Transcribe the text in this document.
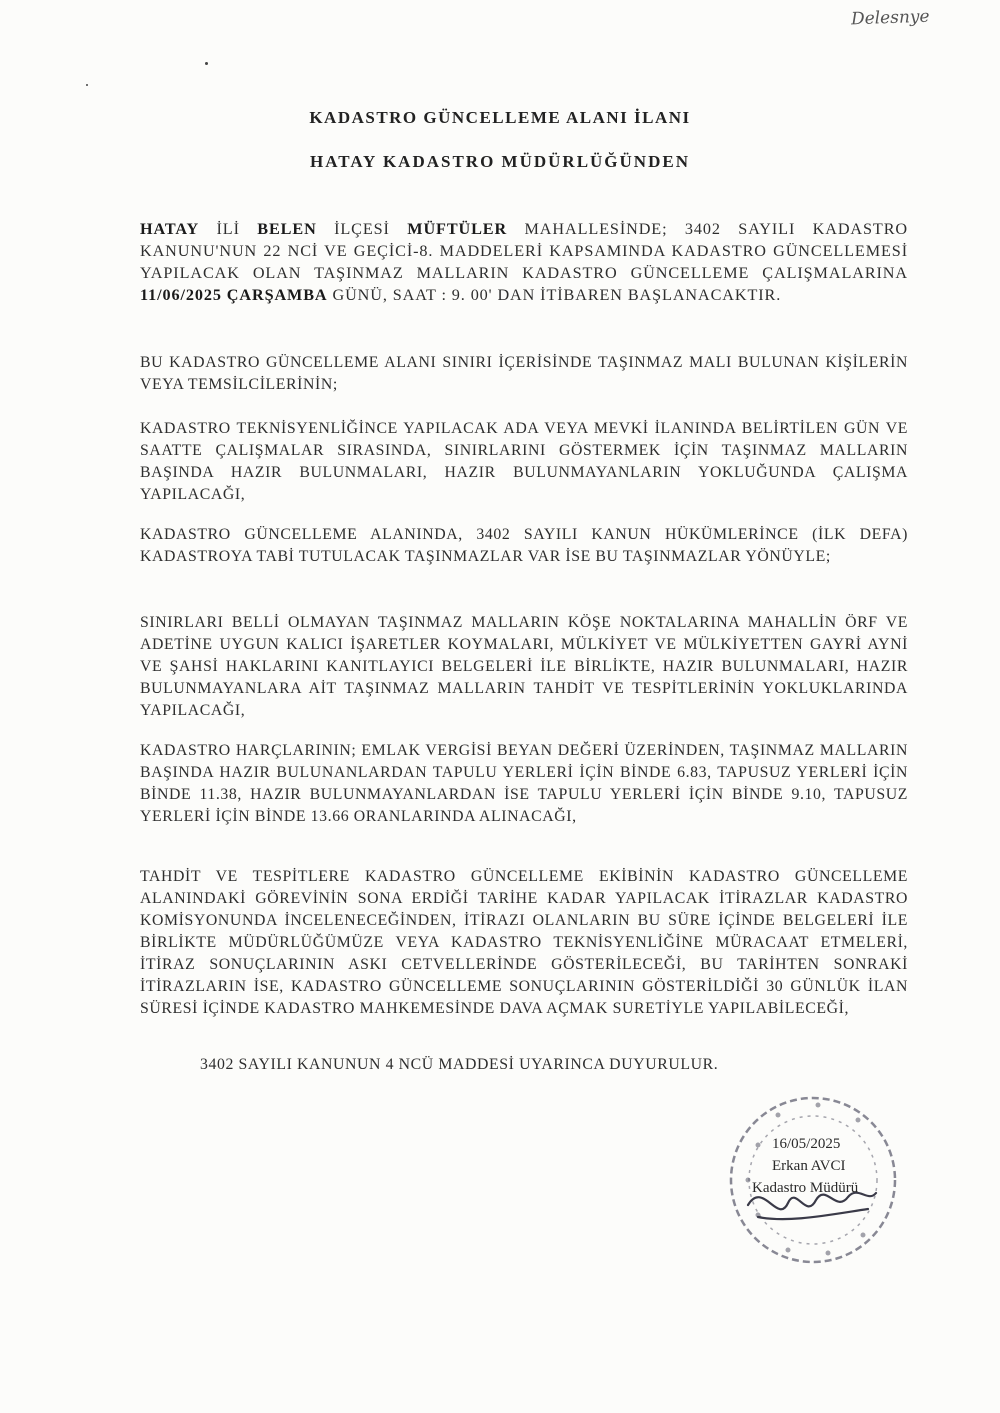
Delesnye
KADASTRO GÜNCELLEME ALANI İLANI
HATAY KADASTRO MÜDÜRLÜĞÜNDEN
HATAY İLİ BELEN İLÇESİ MÜFTÜLER MAHALLESİNDE; 3402 SAYILI KADASTRO KANUNU'NUN 22 NCİ VE GEÇİCİ-8. MADDELERİ KAPSAMINDA KADASTRO GÜNCELLEMESİ YAPILACAK OLAN TAŞINMAZ MALLARIN KADASTRO GÜNCELLEME ÇALIŞMALARINA 11/06/2025 ÇARŞAMBA GÜNÜ, SAAT : 9. 00' DAN İTİBAREN BAŞLANACAKTIR.
BU KADASTRO GÜNCELLEME ALANI SINIRI İÇERİSİNDE TAŞINMAZ MALI BULUNAN KİŞİLERİN VEYA TEMSİLCİLERİNİN;
KADASTRO TEKNİSYENLİĞİNCE YAPILACAK ADA VEYA MEVKİ İLANINDA BELİRTİLEN GÜN VE SAATTE ÇALIŞMALAR SIRASINDA, SINIRLARINI GÖSTERMEK İÇİN TAŞINMAZ MALLARIN BAŞINDA HAZIR BULUNMALARI, HAZIR BULUNMAYANLARIN YOKLUĞUNDA ÇALIŞMA YAPILACAĞI,
KADASTRO GÜNCELLEME ALANINDA, 3402 SAYILI KANUN HÜKÜMLERİNCE (İLK DEFA) KADASTROYA TABİ TUTULACAK TAŞINMAZLAR VAR İSE BU TAŞINMAZLAR YÖNÜYLE;
SINIRLARI BELLİ OLMAYAN TAŞINMAZ MALLARIN KÖŞE NOKTALARINA MAHALLİN ÖRF VE ADETİNE UYGUN KALICI İŞARETLER KOYMALARI, MÜLKİYET VE MÜLKİYETTEN GAYRİ AYNİ VE ŞAHSİ HAKLARINI KANITLAYICI BELGELERİ İLE BİRLİKTE, HAZIR BULUNMALARI, HAZIR BULUNMAYANLARA AİT TAŞINMAZ MALLARIN TAHDİT VE TESPİTLERİNİN YOKLUKLARINDA YAPILACAĞI,
KADASTRO HARÇLARININ; EMLAK VERGİSİ BEYAN DEĞERİ ÜZERİNDEN, TAŞINMAZ MALLARIN BAŞINDA HAZIR BULUNANLARDAN TAPULU YERLERİ İÇİN BİNDE 6.83, TAPUSUZ YERLERİ İÇİN BİNDE 11.38, HAZIR BULUNMAYANLARDAN İSE TAPULU YERLERİ İÇİN BİNDE 9.10, TAPUSUZ YERLERİ İÇİN BİNDE 13.66 ORANLARINDA ALINACAĞI,
TAHDİT VE TESPİTLERE KADASTRO GÜNCELLEME EKİBİNİN KADASTRO GÜNCELLEME ALANINDAKİ GÖREVİNİN SONA ERDİĞİ TARİHE KADAR YAPILACAK İTİRAZLAR KADASTRO KOMİSYONUNDA İNCELENECEĞİNDEN, İTİRAZI OLANLARIN BU SÜRE İÇİNDE BELGELERİ İLE BİRLİKTE MÜDÜRLÜĞÜMÜZE VEYA KADASTRO TEKNİSYENLİĞİNE MÜRACAAT ETMELERİ, İTİRAZ SONUÇLARININ ASKI CETVELLERİNDE GÖSTERİLECEĞİ, BU TARİHTEN SONRAKİ İTİRAZLARIN İSE, KADASTRO GÜNCELLEME SONUÇLARININ GÖSTERİLDİĞİ 30 GÜNLÜK İLAN SÜRESİ İÇİNDE KADASTRO MAHKEMESİNDE DAVA AÇMAK SURETİYLE YAPILABİLECEĞİ,
3402 SAYILI KANUNUN 4 NCÜ MADDESİ UYARINCA DUYURULUR.
16/05/2025
Erkan AVCI
Kadastro Müdürü
